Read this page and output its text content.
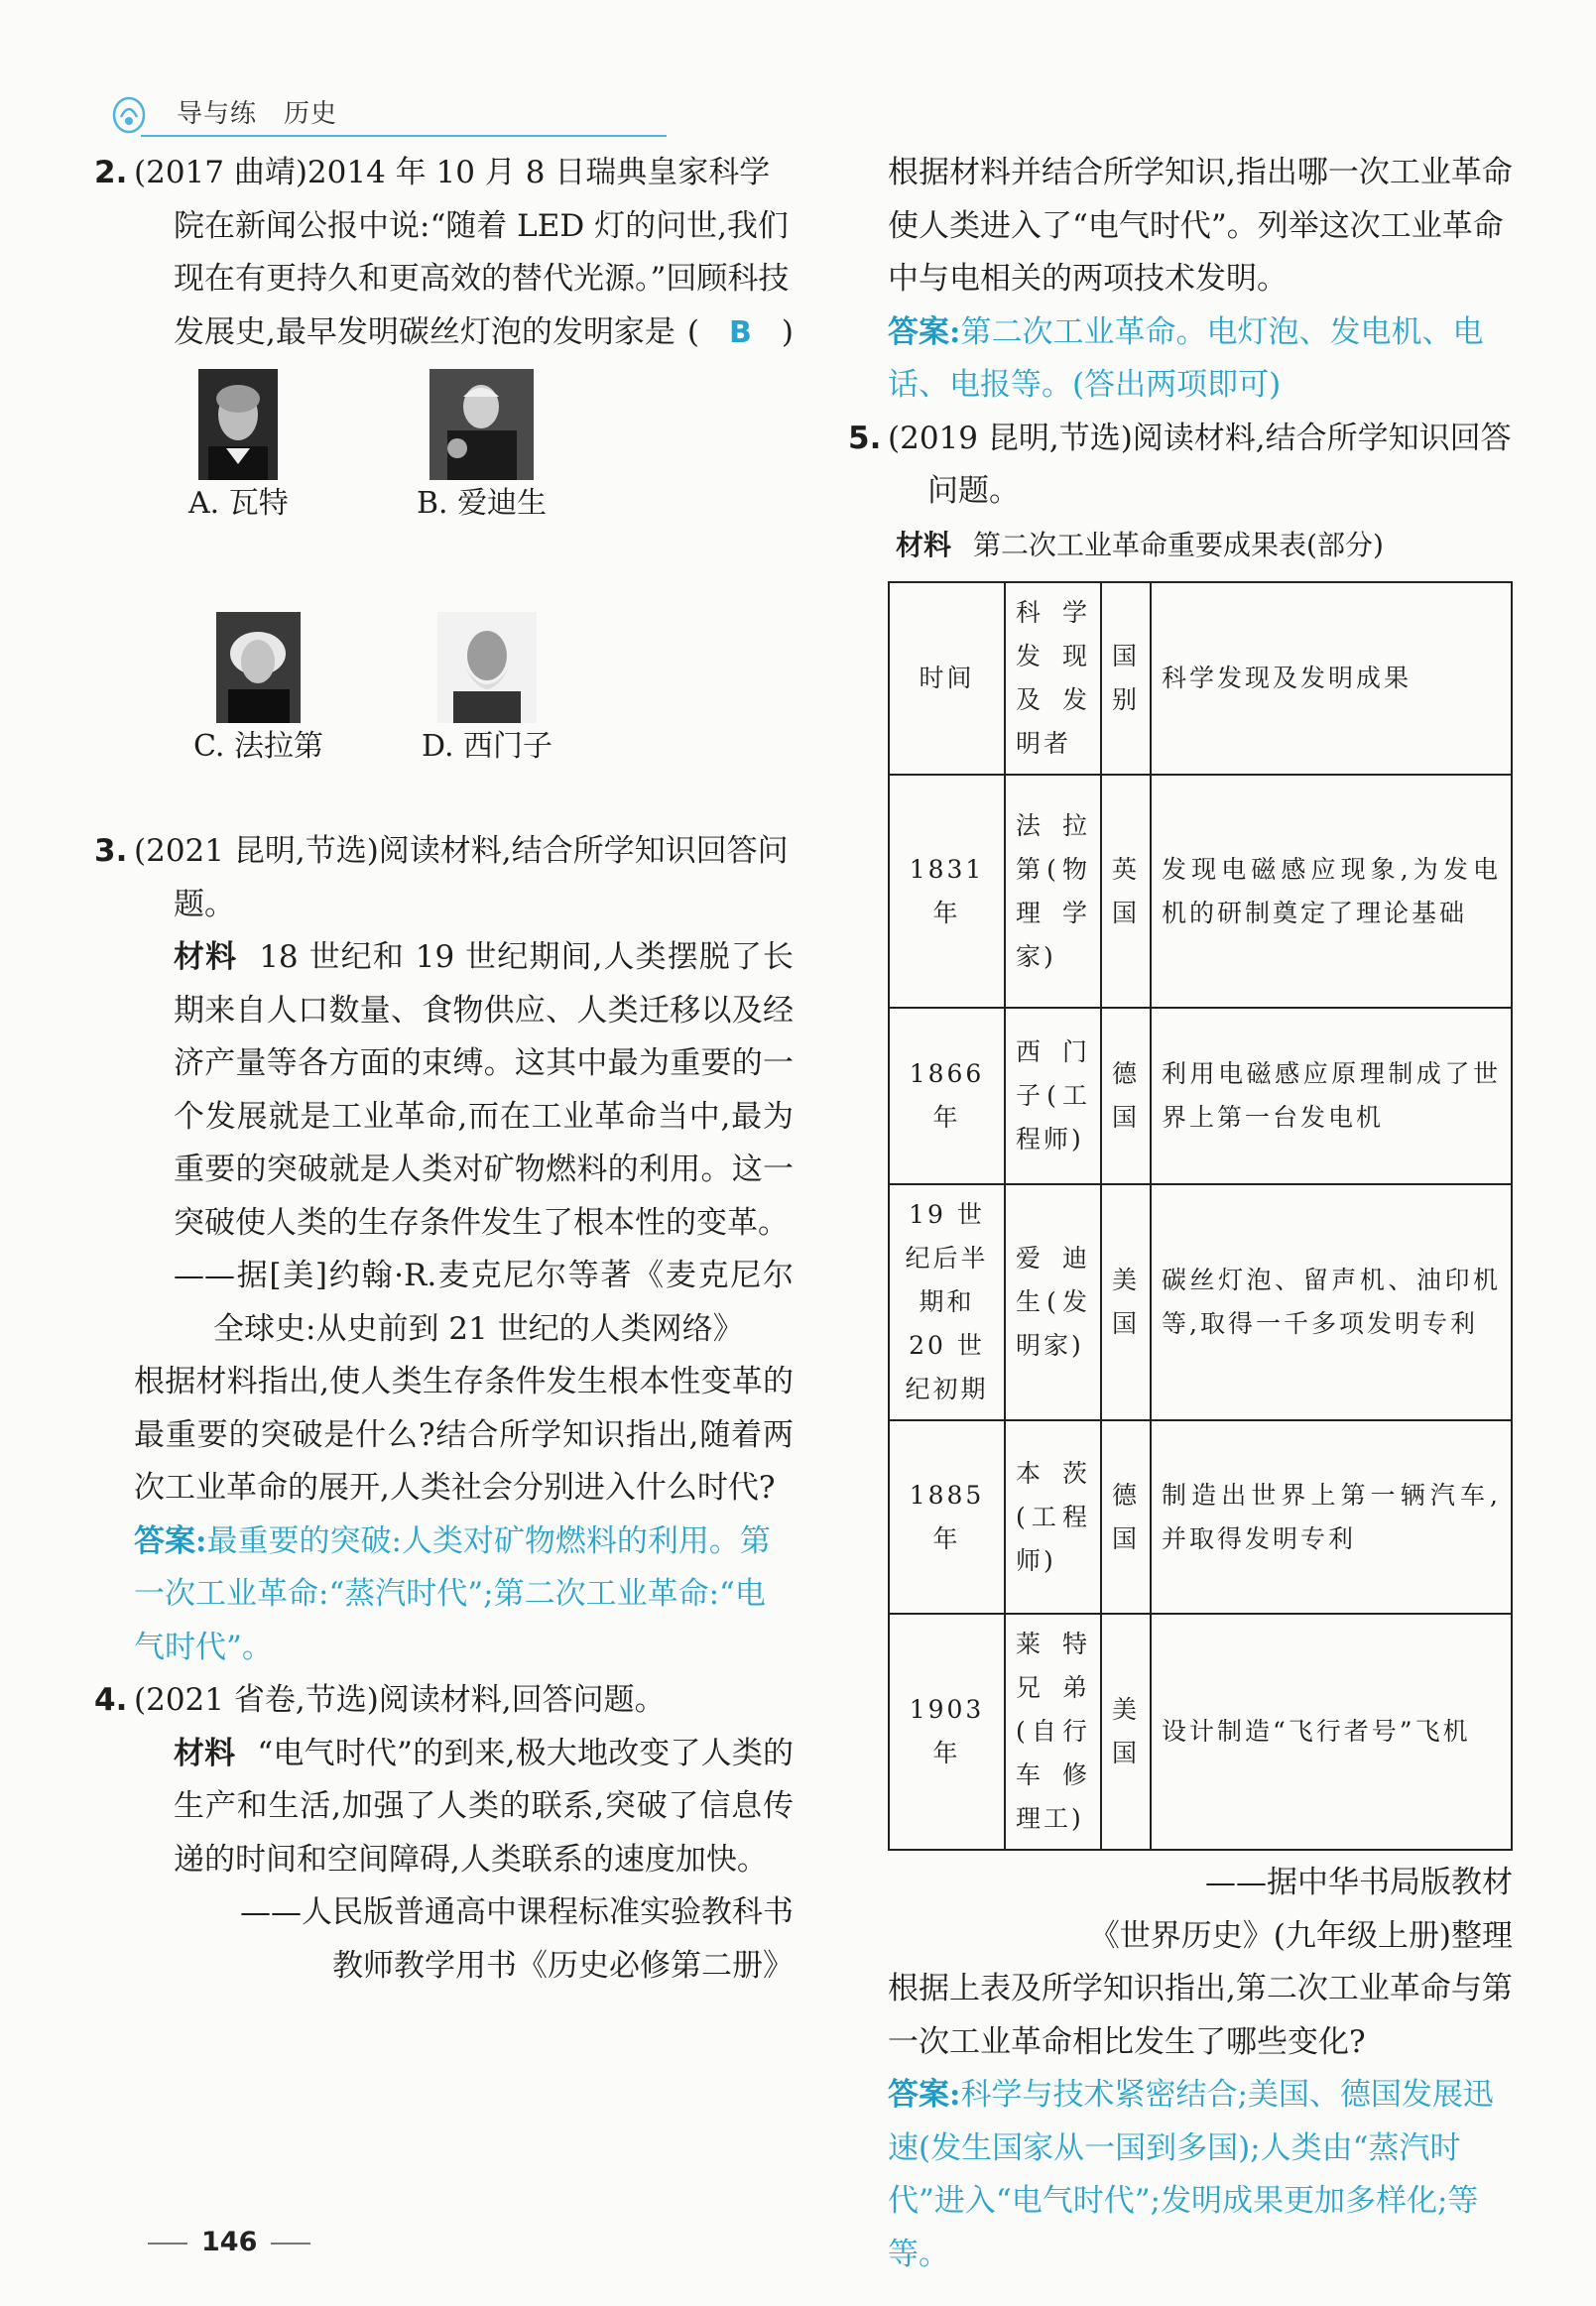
导与练　历史
2. (2017 曲靖)2014 年 10 月 8 日瑞典皇家科学院在新闻公报中说:“随着 LED 灯的问世,我们现在有更持久和更高效的替代光源。”回顾科技发展史,最早发明碳丝灯泡的发明家是 ( B )
A. 瓦特	B. 爱迪生
C. 法拉第	D. 西门子
3. (2021 昆明,节选)阅读材料,结合所学知识回答问题。
材料 18 世纪和 19 世纪期间,人类摆脱了长期来自人口数量、食物供应、人类迁移以及经济产量等各方面的束缚。这其中最为重要的一个发展就是工业革命,而在工业革命当中,最为重要的突破就是人类对矿物燃料的利用。这一突破使人类的生存条件发生了根本性的变革。
——据[美]约翰·R.麦克尼尔等著《麦克尼尔全球史:从史前到 21 世纪的人类网络》
根据材料指出,使人类生存条件发生根本性变革的最重要的突破是什么?结合所学知识指出,随着两次工业革命的展开,人类社会分别进入什么时代?
答案:最重要的突破:人类对矿物燃料的利用。第一次工业革命:“蒸汽时代”;第二次工业革命:“电气时代”。
4. (2021 省卷,节选)阅读材料,回答问题。
材料 “电气时代”的到来,极大地改变了人类的生产和生活,加强了人类的联系,突破了信息传递的时间和空间障碍,人类联系的速度加快。
——人民版普通高中课程标准实验教科书
教师教学用书《历史必修第二册》
根据材料并结合所学知识,指出哪一次工业革命使人类进入了“电气时代”。列举这次工业革命中与电相关的两项技术发明。
答案:第二次工业革命。电灯泡、发电机、电话、电报等。(答出两项即可)
5. (2019 昆明,节选)阅读材料,结合所学知识回答问题。
材料 第二次工业革命重要成果表(部分)
时间	科学发现及发明者	国别	科学发现及发明成果
1831 年	法拉第(物理学家)	英国	发现电磁感应现象,为发电机的研制奠定了理论基础
1866 年	西门子(工程师)	德国	利用电磁感应原理制成了世界上第一台发电机
19 世纪后半期和 20 世纪初期	爱迪生(发明家)	美国	碳丝灯泡、留声机、油印机等,取得一千多项发明专利
1885 年	本茨(工程师)	德国	制造出世界上第一辆汽车,并取得发明专利
1903 年	莱特兄弟(自行车修理工)	美国	设计制造“飞行者号”飞机
——据中华书局版教材
《世界历史》(九年级上册)整理
根据上表及所学知识指出,第二次工业革命与第一次工业革命相比发生了哪些变化?
答案:科学与技术紧密结合;美国、德国发展迅速(发生国家从一国到多国);人类由“蒸汽时代”进入“电气时代”;发明成果更加多样化;等等。
146
